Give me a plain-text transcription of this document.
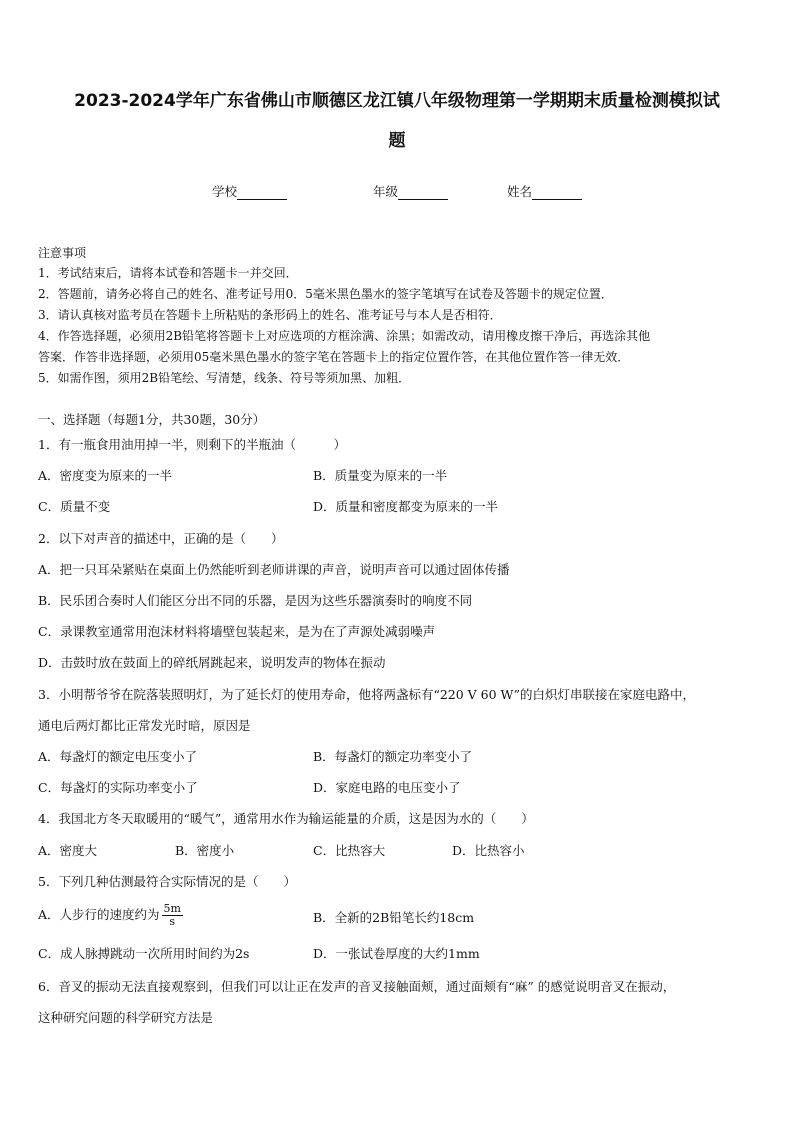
2023-2024学年广东省佛山市顺德区龙江镇八年级物理第一学期期末质量检测模拟试
题
学校	年级	姓名
注意事项
1．考试结束后，请将本试卷和答题卡一并交回．
2．答题前，请务必将自己的姓名、准考证号用0．5毫米黑色墨水的签字笔填写在试卷及答题卡的规定位置．
3．请认真核对监考员在答题卡上所粘贴的条形码上的姓名、准考证号与本人是否相符．
4．作答选择题，必须用2B铅笔将答题卡上对应选项的方框涂满、涂黑；如需改动，请用橡皮擦干净后，再选涂其他
答案．作答非选择题，必须用05毫米黑色墨水的签字笔在答题卡上的指定位置作答，在其他位置作答一律无效．
5．如需作图，须用2B铅笔绘、写清楚，线条、符号等须加黑、加粗．
一、选择题（每题1分，共30题，30分）
1．有一瓶食用油用掉一半，则剩下的半瓶油（　　　）
A．密度变为原来的一半	B．质量变为原来的一半
C．质量不变	D．质量和密度都变为原来的一半
2．以下对声音的描述中，正确的是（　　）
A．把一只耳朵紧贴在桌面上仍然能听到老师讲课的声音，说明声音可以通过固体传播
B．民乐团合奏时人们能区分出不同的乐器，是因为这些乐器演奏时的响度不同
C．录课教室通常用泡沫材料将墙壁包装起来，是为在了声源处减弱噪声
D．击鼓时放在鼓面上的碎纸屑跳起来，说明发声的物体在振动
3．小明帮爷爷在院落装照明灯，为了延长灯的使用寿命，他将两盏标有“220 V 60 W”的白炽灯串联接在家庭电路中，
通电后两灯都比正常发光时暗，原因是
A．每盏灯的额定电压变小了	B．每盏灯的额定功率变小了
C．每盏灯的实际功率变小了	D．家庭电路的电压变小了
4．我国北方冬天取暖用的“暖气”，通常用水作为输运能量的介质，这是因为水的（　　）
A．密度大	B．密度小	C．比热容大	D．比热容小
5．下列几种估测最符合实际情况的是（　　）
A．人步行的速度约为 $\frac{5m}{s}$	B．全新的2B铅笔长约18cm
C．成人脉搏跳动一次所用时间约为2s	D．一张试卷厚度的大约1mm
6．音叉的振动无法直接观察到，但我们可以让正在发声的音叉接触面颊，通过面颊有“麻” 的感觉说明音叉在振动，
这种研究问题的科学研究方法是
